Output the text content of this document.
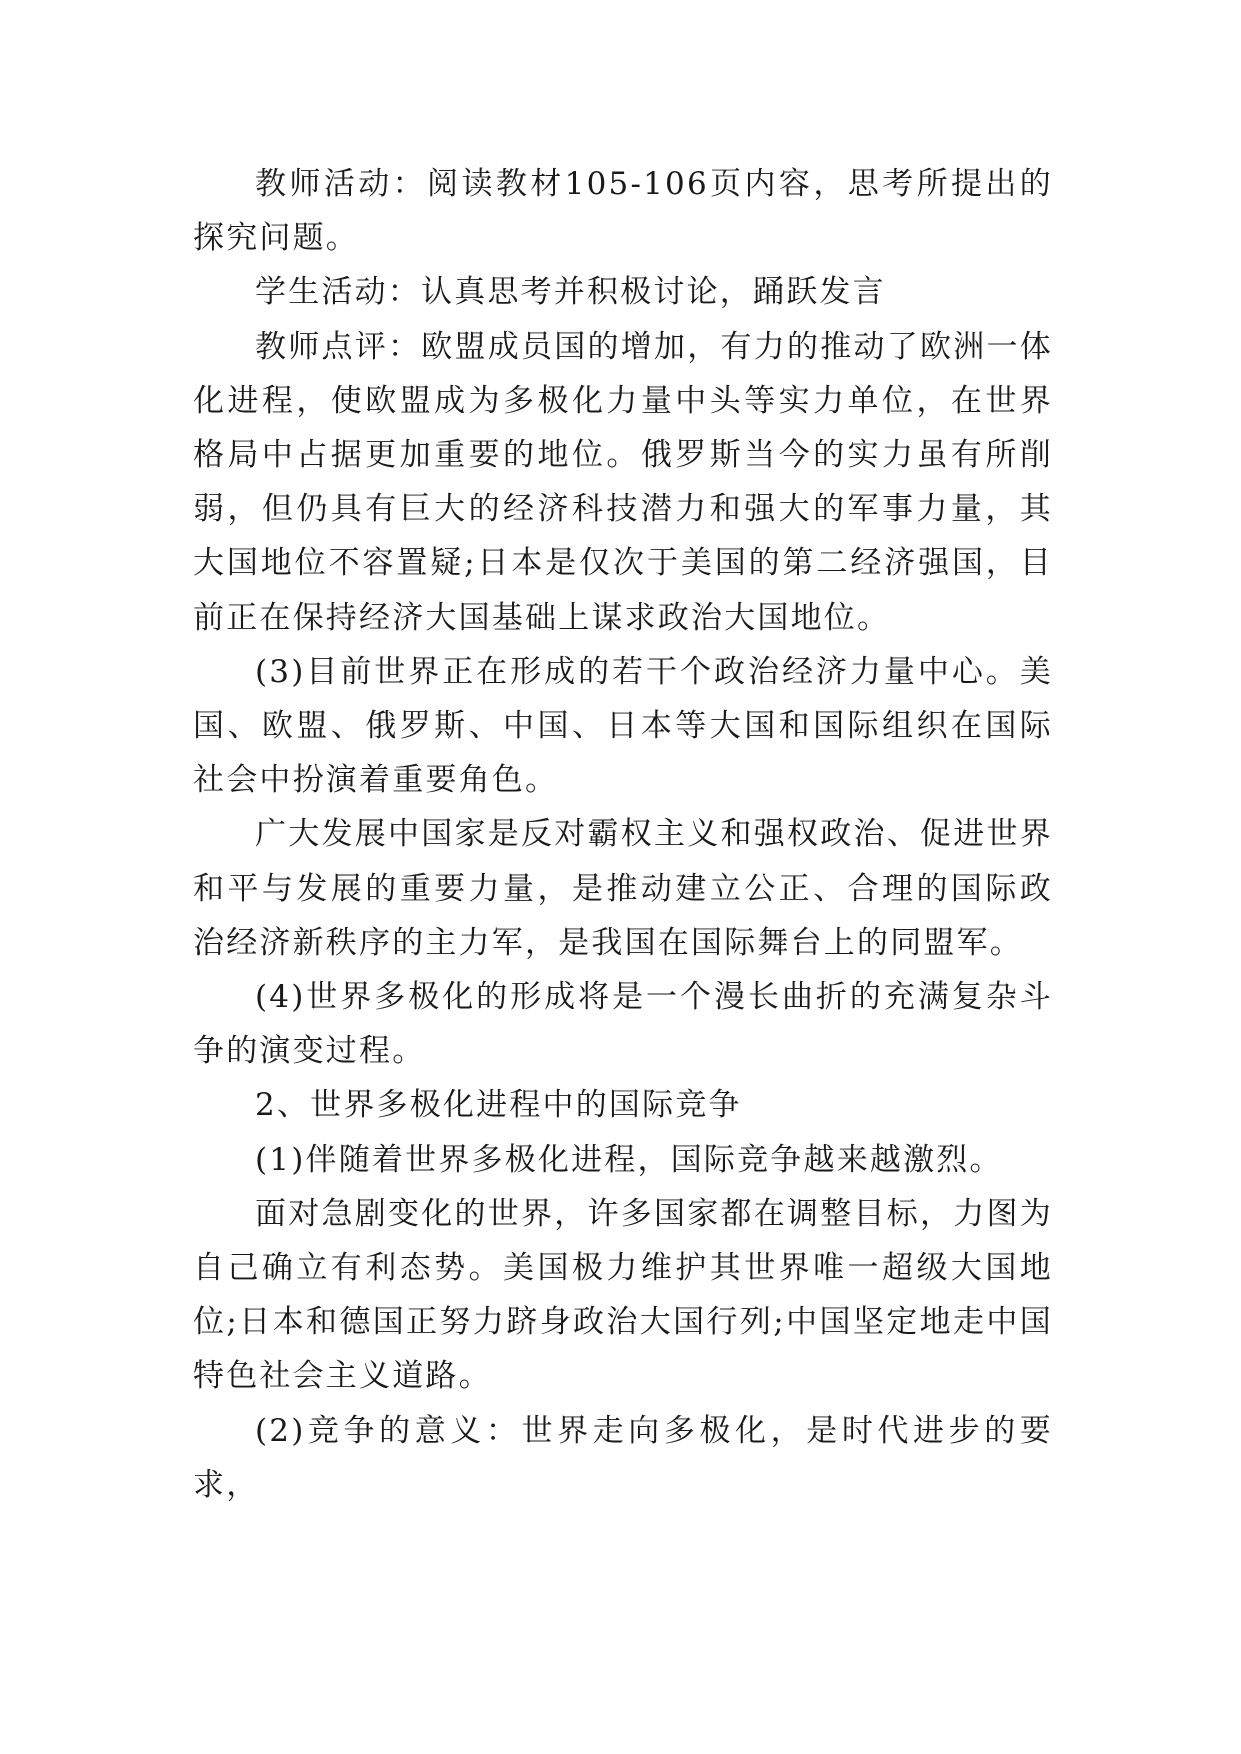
教师活动：阅读教材105-106页内容，思考所提出的探究问题。

学生活动：认真思考并积极讨论，踊跃发言

教师点评：欧盟成员国的增加，有力的推动了欧洲一体化进程，使欧盟成为多极化力量中头等实力单位，在世界格局中占据更加重要的地位。俄罗斯当今的实力虽有所削弱，但仍具有巨大的经济科技潜力和强大的军事力量，其大国地位不容置疑;日本是仅次于美国的第二经济强国，目前正在保持经济大国基础上谋求政治大国地位。

(3)目前世界正在形成的若干个政治经济力量中心。美国、欧盟、俄罗斯、中国、日本等大国和国际组织在国际社会中扮演着重要角色。

广大发展中国家是反对霸权主义和强权政治、促进世界和平与发展的重要力量，是推动建立公正、合理的国际政治经济新秩序的主力军，是我国在国际舞台上的同盟军。

(4)世界多极化的形成将是一个漫长曲折的充满复杂斗争的演变过程。

2、世界多极化进程中的国际竞争

(1)伴随着世界多极化进程，国际竞争越来越激烈。

面对急剧变化的世界，许多国家都在调整目标，力图为自己确立有利态势。美国极力维护其世界唯一超级大国地位;日本和德国正努力跻身政治大国行列;中国坚定地走中国特色社会主义道路。

(2)竞争的意义：世界走向多极化，是时代进步的要求，
